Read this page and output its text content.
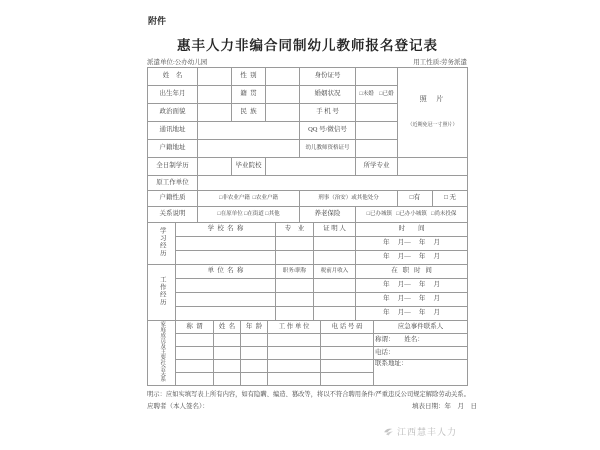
附件
惠丰人力非编合同制幼儿教师报名登记表
派遣单位:公办幼儿园	用工性质:劳务派遣
姓    名		性  别		身份证号		照  片

（近期免冠一寸照片）

出生年月		籍  贯		婚姻状况	□未婚    □已婚	
政治面貌		民  族		手 机 号		
通讯地址				QQ 号/微信号		
户籍地址				幼儿教师资格证号		
全日制学历		毕业院校			所学专业	
原工作单位	
户籍性质	□非农业户籍  □农业户籍	刑事（治安）或其他处分		□有	□ 无
关系说明	□在原单位 □在街道 □其他	养老保险	□已办城镇   □已办小城镇   □尚未投保		
学习经历	学  校  名  称	专    业	证 明 人	时        间
				年     月—     年     月
				年     月—     年     月
工作经历	单  位  名  称	职务/职称	税前月收入	在   职   时   间
				年     月—     年     月
				年     月—     年     月
				年     月—     年     月
家庭成员及主要社会关系	称  谓	姓  名	年  龄	工 作 单 位	电 话 号 码	应急事件联系人
						称谓：      姓名：
						电话：
						联系地址：

明示：应如实填写表上所有内容，如有隐瞒、编造、篡改等，将以不符合聘用条件/严重违反公司规定解除劳动关系。
应聘者（本人签名）：	填表日期：年    月    日
江西慧丰人力
